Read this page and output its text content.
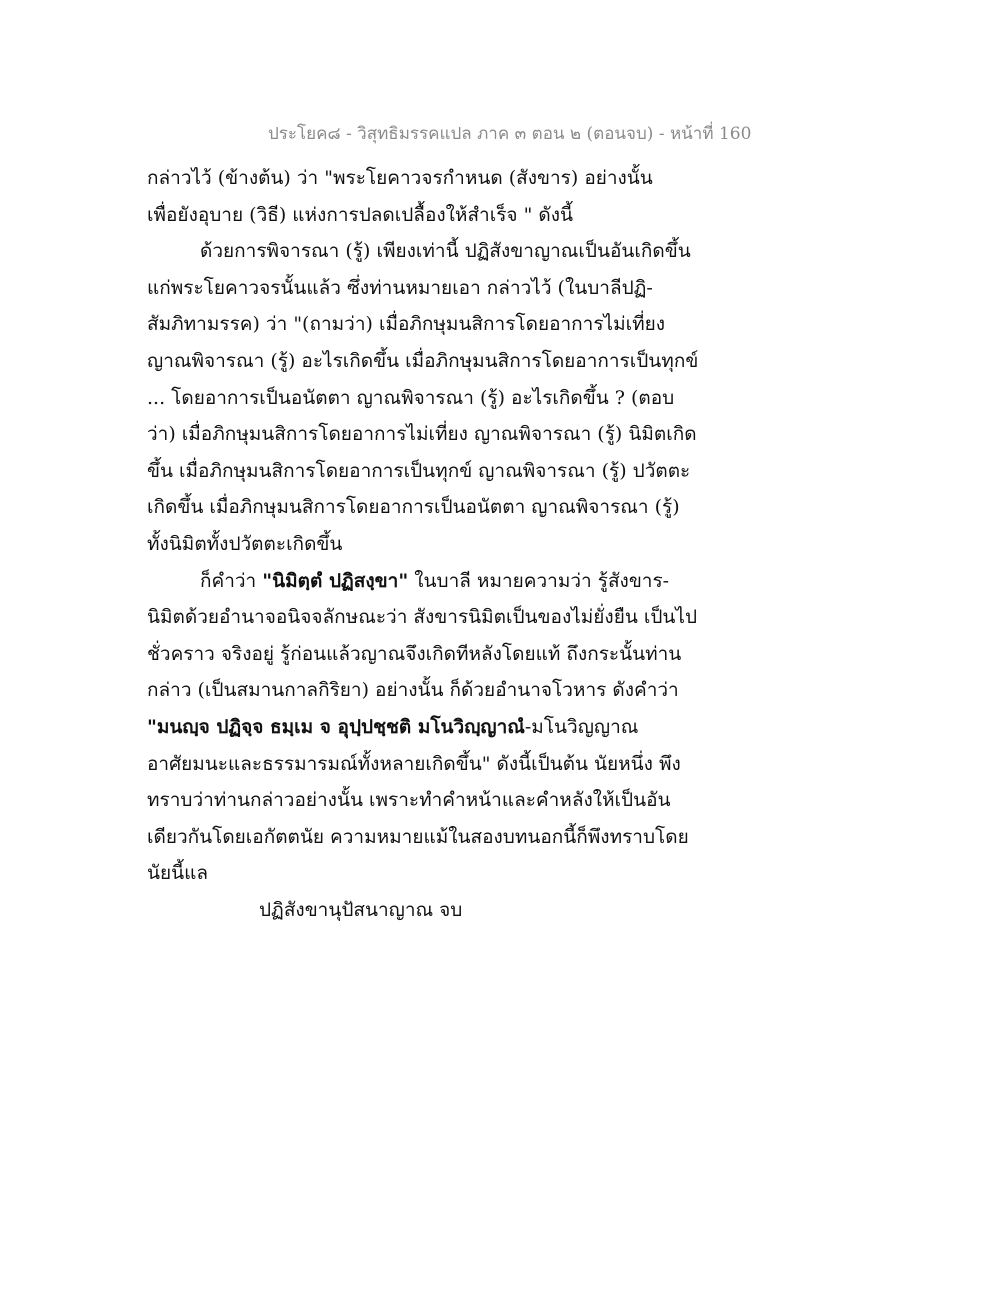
ประโยค๘ - วิสุทธิมรรคแปล ภาค ๓ ตอน ๒ (ตอนจบ) - หน้าที่ 160
กล่าวไว้ (ข้างต้น) ว่า "พระโยคาวจรกำหนด (สังขาร) อย่างนั้น
เพื่อยังอุบาย (วิธี) แห่งการปลดเปลื้องให้สำเร็จ " ดังนี้
ด้วยการพิจารณา (รู้) เพียงเท่านี้ ปฏิสังขาญาณเป็นอันเกิดขึ้น
แก่พระโยคาวจรนั้นแล้ว ซึ่งท่านหมายเอา กล่าวไว้ (ในบาลีปฏิ-
สัมภิทามรรค) ว่า "(ถามว่า) เมื่อภิกษุมนสิการโดยอาการไม่เที่ยง
ญาณพิจารณา (รู้) อะไรเกิดขึ้น เมื่อภิกษุมนสิการโดยอาการเป็นทุกข์
... โดยอาการเป็นอนัตตา ญาณพิจารณา (รู้) อะไรเกิดขึ้น ? (ตอบ
ว่า) เมื่อภิกษุมนสิการโดยอาการไม่เที่ยง ญาณพิจารณา (รู้) นิมิตเกิด
ขึ้น เมื่อภิกษุมนสิการโดยอาการเป็นทุกข์ ญาณพิจารณา (รู้) ปวัตตะ
เกิดขึ้น เมื่อภิกษุมนสิการโดยอาการเป็นอนัตตา ญาณพิจารณา (รู้)
ทั้งนิมิตทั้งปวัตตะเกิดขึ้น
ก็คำว่า "นิมิตฺตํ ปฏิสงฺขา" ในบาลี หมายความว่า รู้สังขาร-
นิมิตด้วยอำนาจอนิจจลักษณะว่า สังขารนิมิตเป็นของไม่ยั่งยืน เป็นไป
ชั่วคราว จริงอยู่ รู้ก่อนแล้วญาณจึงเกิดทีหลังโดยแท้ ถึงกระนั้นท่าน
กล่าว (เป็นสมานกาลกิริยา) อย่างนั้น ก็ด้วยอำนาจโวหาร ดังคำว่า
"มนญฺจ ปฏิจฺจ ธมฺเม จ อุปฺปชฺชติ มโนวิญฺญาณํ-มโนวิญญาณ
อาศัยมนะและธรรมารมณ์ทั้งหลายเกิดขึ้น" ดังนี้เป็นต้น นัยหนึ่ง พึง
ทราบว่าท่านกล่าวอย่างนั้น เพราะทำคำหน้าและคำหลังให้เป็นอัน
เดียวกันโดยเอกัตตนัย ความหมายแม้ในสองบทนอกนี้ก็พึงทราบโดย
นัยนี้แล
ปฏิสังขานุปัสนาญาณ จบ
